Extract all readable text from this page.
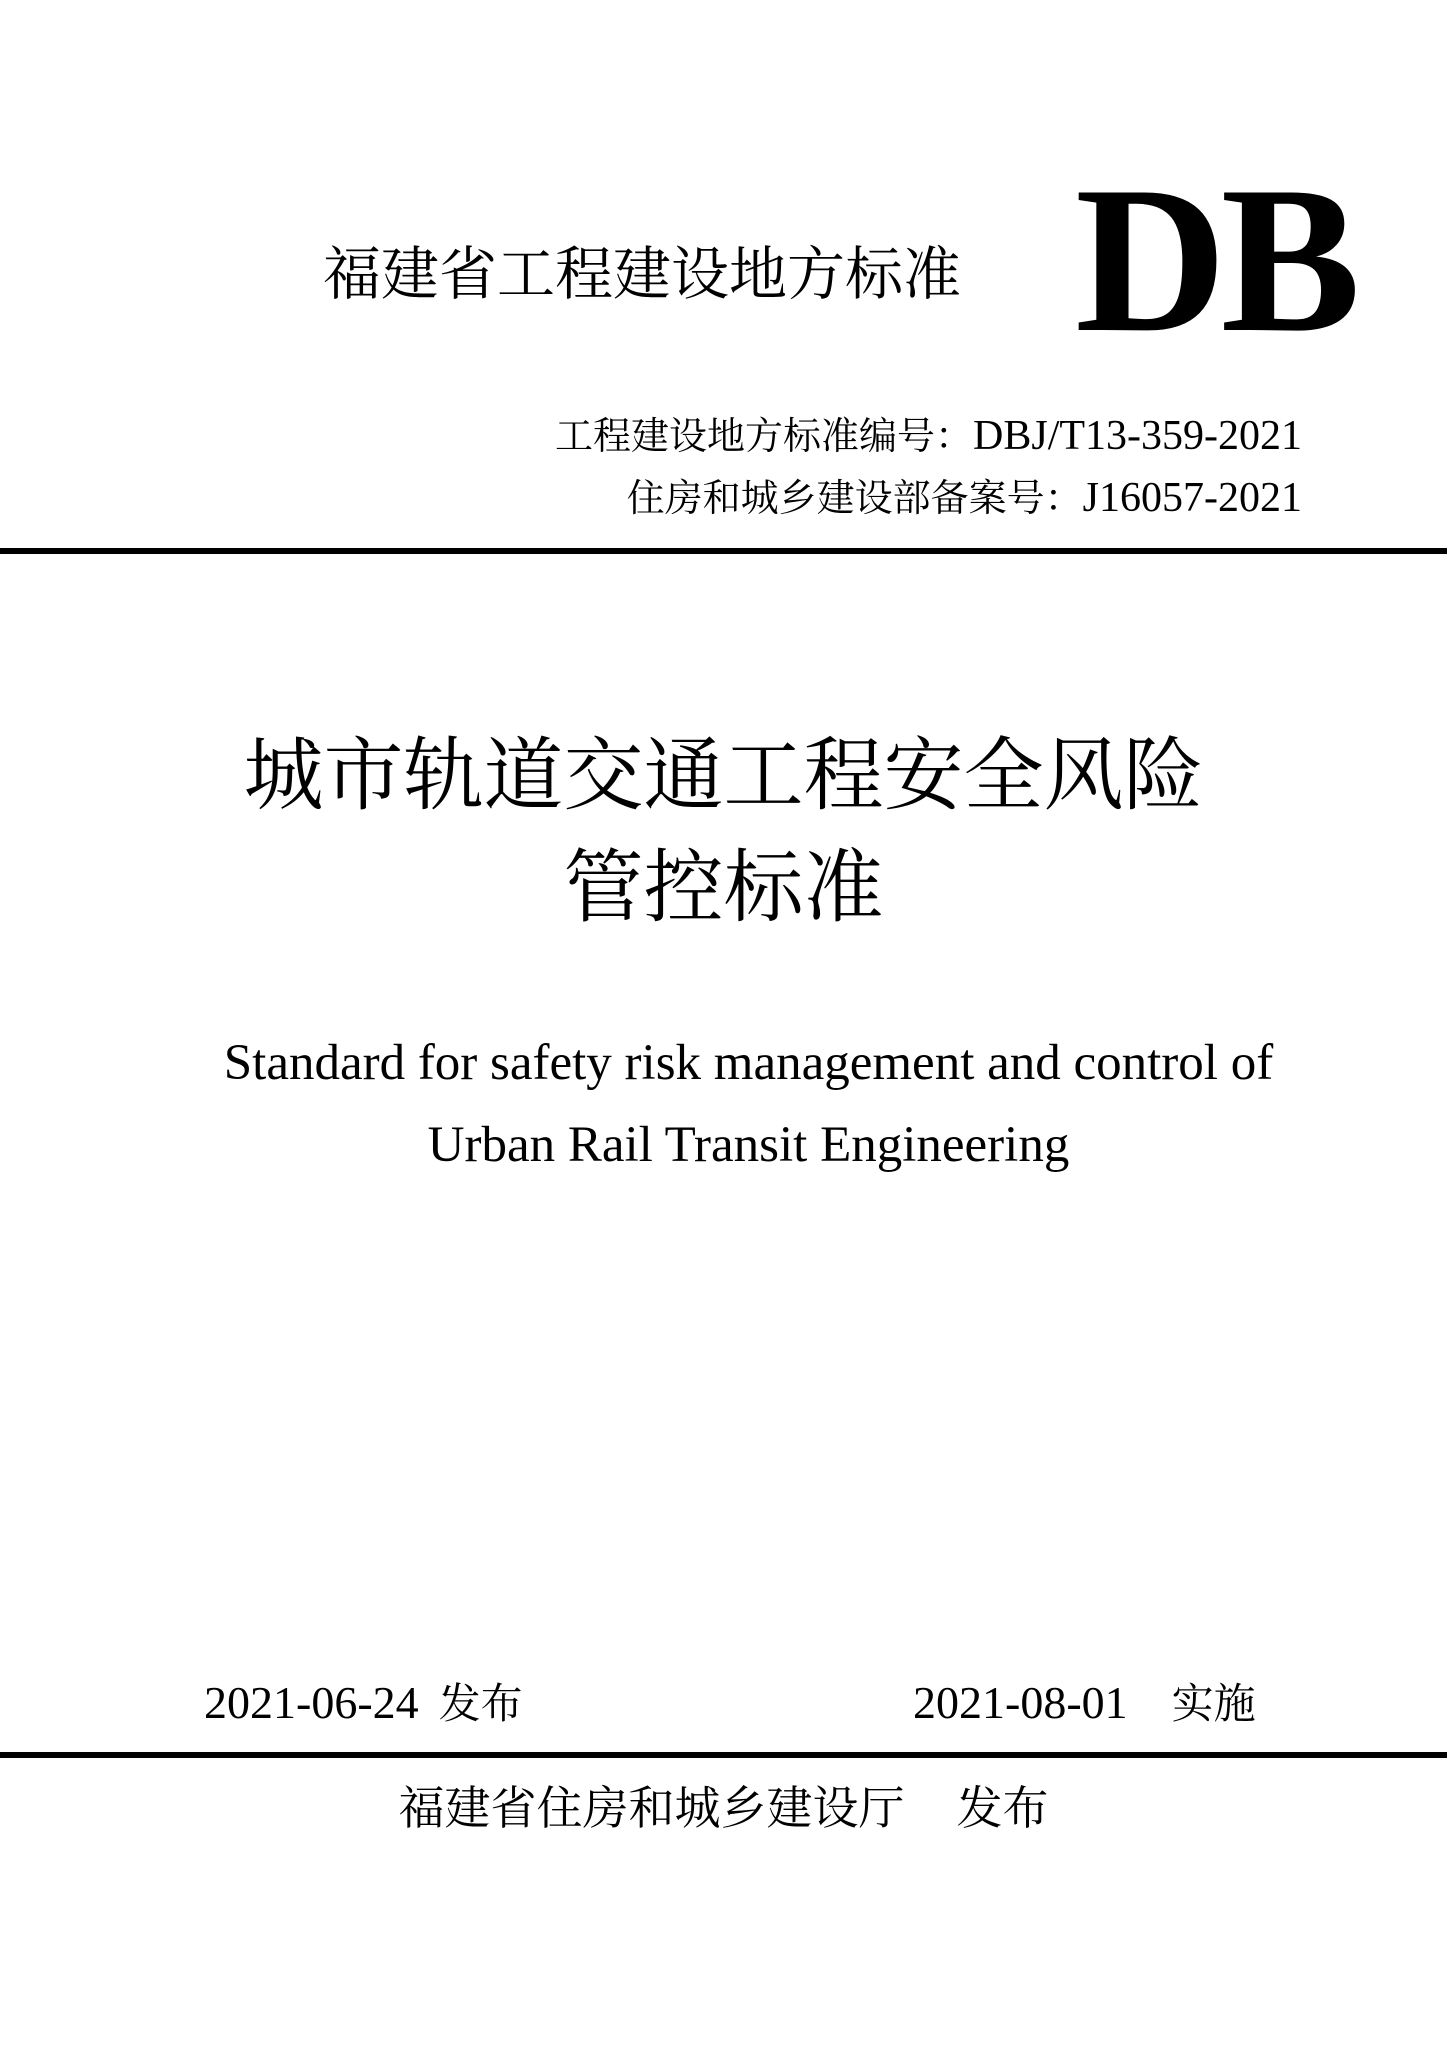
福建省工程建设地方标准 DB
工程建设地方标准编号：DBJ/T13-359-2021
住房和城乡建设部备案号：J16057-2021
城市轨道交通工程安全风险
管控标准
Standard for safety risk management and control of
Urban Rail Transit Engineering
2021-06-24 发布	2021-08-01 实施
福建省住房和城乡建设厅 发布
